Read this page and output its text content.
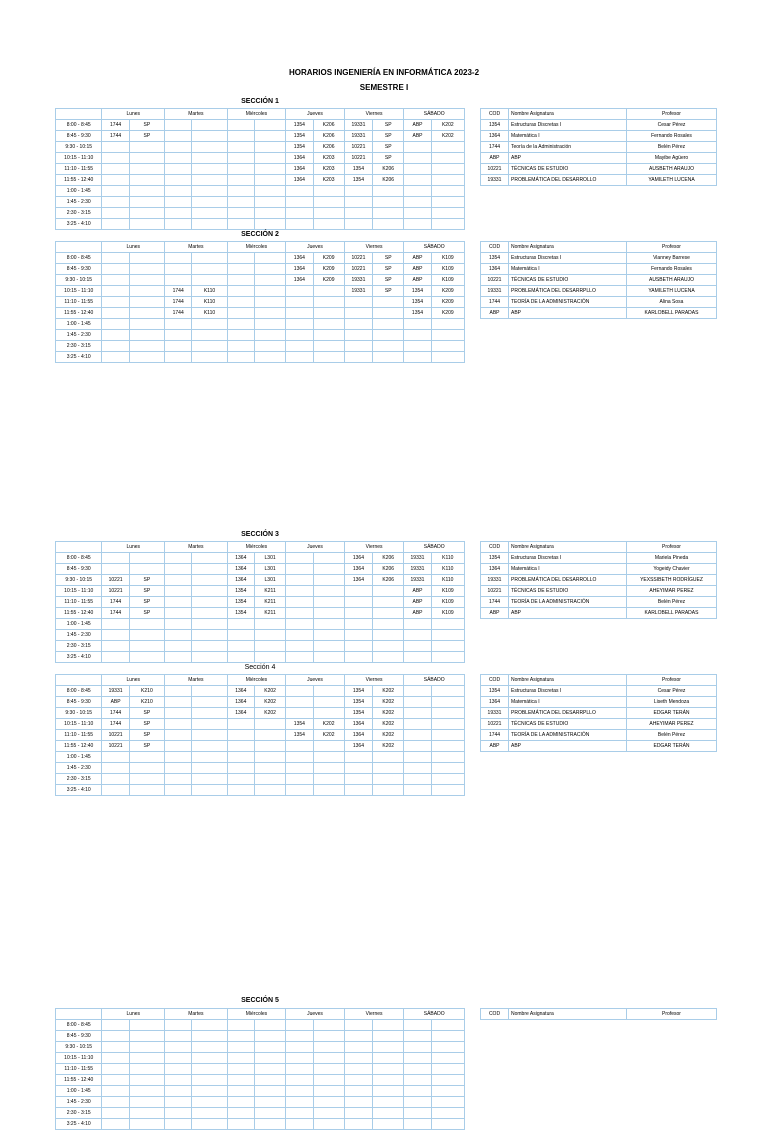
HORARIOS INGENIERÍA EN INFORMÁTICA 2023-2
SEMESTRE I
SECCIÓN 1
	Lunes		Martes		Miércoles		Jueves		Viernes		SÁBADO	
8:00 - 8:45	1744	SP					1354	K206	19331	SP	ABP	K202
8:45 - 9:30	1744	SP					1354	K206	19331	SP	ABP	K202
9:30 - 10:15							1354	K206	10221	SP		
10:15 - 11:10							1364	K203	10221	SP		
11:10 - 11:55							1364	K203	1354	K206		
11:55 - 12:40							1364	K203	1354	K206		
1:00 - 1:45												
1:45 - 2:30												
2:30 - 3:15												
3:25 - 4:10												
COD	Nombre Asignatura	Profesor
1354	Estructuras Discretas I	Cesar Pérez
1364	Matemática I	Fernando Rosales
1744	Teoría de la Administración	Belén Pérez
ABP	ABP	Mayibe Agüero
10221	TÉCNICAS DE ESTUDIO	AUSBETH ARAUJO
19331	PROBLEMÁTICA DEL DESARROLLO	YAMILETH LUCENA
SECCIÓN 2
	Lunes		Martes		Miércoles		Jueves		Viernes		SÁBADO	
8:00 - 8:45							1364	K209	10221	SP	ABP	K109
8:45 - 9:30							1364	K209	10221	SP	ABP	K109
9:30 - 10:15							1364	K209	19331	SP	ABP	K109
10:15 - 11:10			1744	K110					19331	SP	1354	K209
11:10 - 11:55			1744	K110							1354	K209
11:55 - 12:40			1744	K110							1354	K209
1:00 - 1:45												
1:45 - 2:30												
2:30 - 3:15												
3:25 - 4:10												
COD	Nombre Asignatura	Profesor
1354	Estructuras Discretas I	Vianney Barrese
1364	Matemática I	Fernando Rosales
10221	TÉCNICAS DE ESTUDIO	AUSBETH ARAUJO
19331	PROBLEMÁTICA DEL DESARRPLLO	YAMILETH LUCENA
1744	TEORÍA DE LA ADMINISTRACIÓN	Alina Sosa
ABP	ABP	KARLOBELL PARADAS
SECCIÓN 3
	Lunes		Martes		Miércoles		Jueves		Viernes		SÁBADO	
8:00 - 8:45					1364	L301			1364	K206	19331	K110
8:45 - 9:30					1364	L301			1364	K206	19331	K110
9:30 - 10:15	10221	SP			1364	L301			1364	K206	19331	K110
10:15 - 11:10	10221	SP			1354	K211					ABP	K109
11:10 - 11:55	1744	SP			1354	K211					ABP	K109
11:55 - 12:40	1744	SP			1354	K211					ABP	K109
1:00 - 1:45												
1:45 - 2:30												
2:30 - 3:15												
3:25 - 4:10												
COD	Nombre Asignatura	Profesor
1354	Estructuras Discretas I	Mariela Pineda
1364	Matemática I	Yogeidy Chavier
19331	PROBLEMÁTICA DEL DESARROLLO	YEXSSIBETH RODRÍGUEZ
10221	TÉCNICAS DE ESTUDIO	AHEYIMAR PEREZ
1744	TEORÍA DE LA ADMINISTRACIÓN	Belén Pérez
ABP	ABP	KARLOBELL PARADAS
Sección 4
	Lunes		Martes		Miércoles		Jueves		Viernes		SÁBADO	
8:00 - 8:45	19331	K210			1364	K202			1354	K202		
8:45 - 9:30	ABP	K210			1364	K202			1354	K202		
9:30 - 10:15	1744	SP			1364	K202			1354	K202		
10:15 - 11:10	1744	SP					1354	K202	1364	K202		
11:10 - 11:55	10221	SP					1354	K202	1364	K202		
11:55 - 12:40	10221	SP							1364	K202		
1:00 - 1:45												
1:45 - 2:30												
2:30 - 3:15												
3:25 - 4:10												
COD	Nombre Asignatura	Profesor
1354	Estructuras Discretas I	Cesar Pérez
1364	Matemática I	Liseth Mendoza
19331	PROBLEMÁTICA DEL DESARRPLLO	EDGAR TERÁN
10221	TÉCNICAS DE ESTUDIO	AHEYIMAR PEREZ
1744	TEORÍA DE LA ADMINISTRACIÓN	Belén Pérez
ABP	ABP	EDGAR TERÁN
SECCIÓN 5
	Lunes		Martes		Miércoles		Jueves		Viernes		SÁBADO	
8:00 - 8:45												
8:45 - 9:30												
9:30 - 10:15												
10:15 - 11:10												
11:10 - 11:55												
11:55 - 12:40												
1:00 - 1:45												
1:45 - 2:30												
2:30 - 3:15												
3:25 - 4:10												
COD	Nombre Asignatura	Profesor
